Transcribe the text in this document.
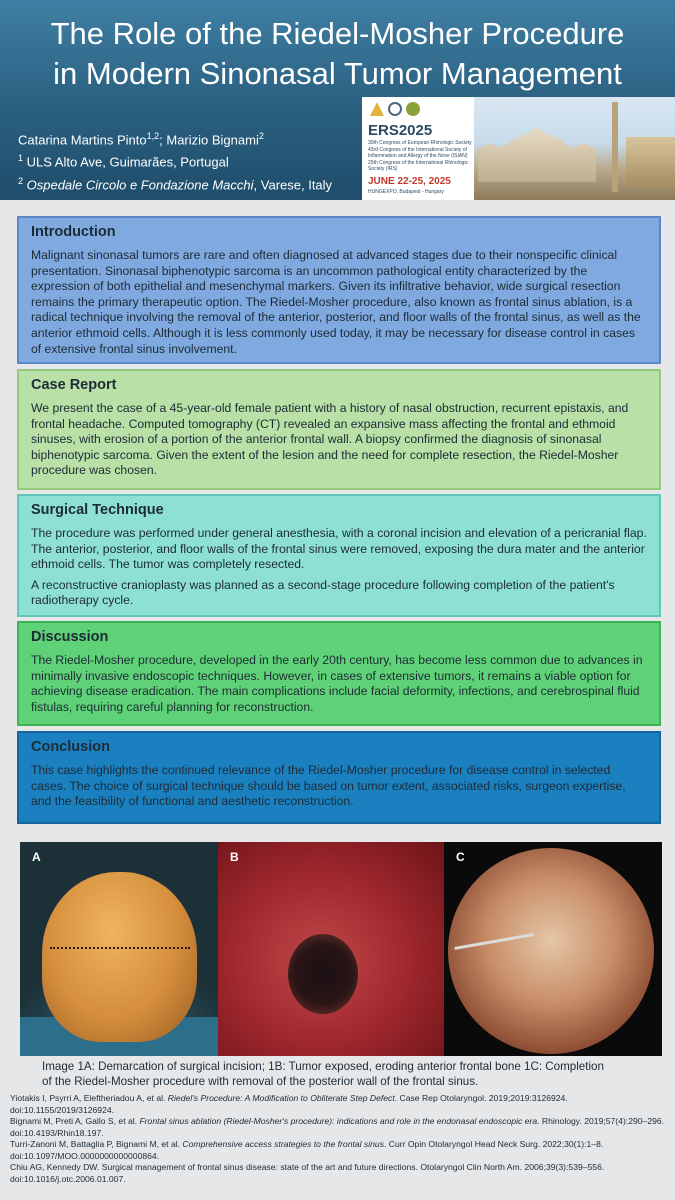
The Role of the Riedel-Mosher Procedure
in Modern Sinonasal Tumor Management
Catarina Martins Pinto$^{1,2}$; Marizio Bignami$^2$
$^1$ ULS Alto Ave, Guimarães, Portugal
$^2$ Ospedale Circolo e Fondazione Macchi, Varese, Italy
ERS2025
30th Congress of European Rhinologic Society 43rd Congress of the International Society of Inflammation and Allergy of the Nose (ISIAN) 25th Congress of the International Rhinologic Society (IRS)
JUNE 22-25, 2025
HUNGEXPO, Budapest - Hungary
Introduction

Malignant sinonasal tumors are rare and often diagnosed at advanced stages due to their nonspecific clinical presentation. Sinonasal biphenotypic sarcoma is an uncommon pathological entity characterized by the expression of both epithelial and mesenchymal markers. Given its infiltrative behavior, wide surgical resection remains the primary therapeutic option. The Riedel-Mosher procedure, also known as frontal sinus ablation, is a radical technique involving the removal of the anterior, posterior, and floor walls of the frontal sinus, as well as the anterior ethmoid cells. Although it is less commonly used today, it may be necessary for disease control in cases of extensive frontal sinus involvement.

Case Report

We present the case of a 45-year-old female patient with a history of nasal obstruction, recurrent epistaxis, and frontal headache. Computed tomography (CT) revealed an expansive mass affecting the frontal and ethmoid sinuses, with erosion of a portion of the anterior frontal wall. A biopsy confirmed the diagnosis of sinonasal biphenotypic sarcoma. Given the extent of the lesion and the need for complete resection, the Riedel-Mosher procedure was chosen.

Surgical Technique

The procedure was performed under general anesthesia, with a coronal incision and elevation of a pericranial flap. The anterior, posterior, and floor walls of the frontal sinus were removed, exposing the dura mater and the anterior ethmoid cells. The tumor was completely resected.

A reconstructive cranioplasty was planned as a second-stage procedure following completion of the patient's radiotherapy cycle.

Discussion

The Riedel-Mosher procedure, developed in the early 20th century, has become less common due to advances in minimally invasive endoscopic techniques. However, in cases of extensive tumors, it remains a viable option for achieving disease eradication. The main complications include facial deformity, infections, and cerebrospinal fluid fistulas, requiring careful planning for reconstruction.

Conclusion

This case highlights the continued relevance of the Riedel-Mosher procedure for disease control in selected cases. The choice of surgical technique should be based on tumor extent, associated risks, surgeon expertise, and the feasibility of functional and aesthetic reconstruction.

A	B	C
Image 1A: Demarcation of surgical incision; 1B: Tumor exposed, eroding anterior frontal bone 1C: Completion
of the Riedel-Mosher procedure with removal of the posterior wall of the frontal sinus.
Yiotakis I, Psyrri A, Eleftheriadou A, et al. Riedel's Procedure: A Modification to Obliterate Step Defect. Case Rep Otolaryngol. 2019;2019:3126924. doi:10.1155/2019/3126924.
Bignami M, Preti A, Gallo S, et al. Frontal sinus ablation (Riedel-Mosher's procedure): indications and role in the endonasal endoscopic era. Rhinology. 2019;57(4):290–296. doi:10.4193/Rhin18.197.
Turri-Zanoni M, Battaglia P, Bignami M, et al. Comprehensive access strategies to the frontal sinus. Curr Opin Otolaryngol Head Neck Surg. 2022;30(1):1–8. doi:10.1097/MOO.0000000000000864.
Chiu AG, Kennedy DW. Surgical management of frontal sinus disease: state of the art and future directions. Otolaryngol Clin North Am. 2006;39(3):539–556. doi:10.1016/j.otc.2006.01.007.
